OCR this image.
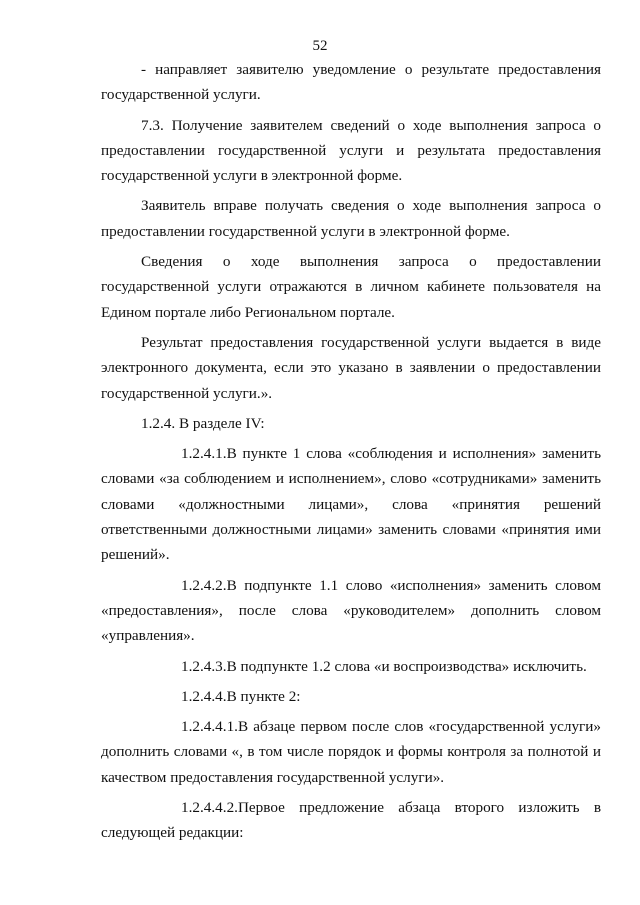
52

- направляет заявителю уведомление о результате предоставления государственной услуги.

7.3. Получение заявителем сведений о ходе выполнения запроса о предоставлении государственной услуги и результата предоставления государственной услуги в электронной форме.

Заявитель вправе получать сведения о ходе выполнения запроса о предоставлении государственной услуги в электронной форме.

Сведения о ходе выполнения запроса о предоставлении государственной услуги отражаются в личном кабинете пользователя на Едином портале либо Региональном портале.

Результат предоставления государственной услуги выдается в виде электронного документа, если это указано в заявлении о предоставлении государственной услуги.».

1.2.4. В разделе IV:

1.2.4.1.В пункте 1 слова «соблюдения и исполнения» заменить словами «за соблюдением и исполнением», слово «сотрудниками» заменить словами «должностными лицами», слова «принятия решений ответственными должностными лицами» заменить словами «принятия ими решений».

1.2.4.2.В подпункте 1.1 слово «исполнения» заменить словом «предоставления», после слова «руководителем» дополнить словом «управления».

1.2.4.3.В подпункте 1.2 слова «и воспроизводства» исключить.

1.2.4.4.В пункте 2:

1.2.4.4.1.В абзаце первом после слов «государственной услуги» дополнить словами «, в том числе порядок и формы контроля за полнотой и качеством предоставления государственной услуги».

1.2.4.4.2.Первое предложение абзаца второго изложить в следующей редакции:
